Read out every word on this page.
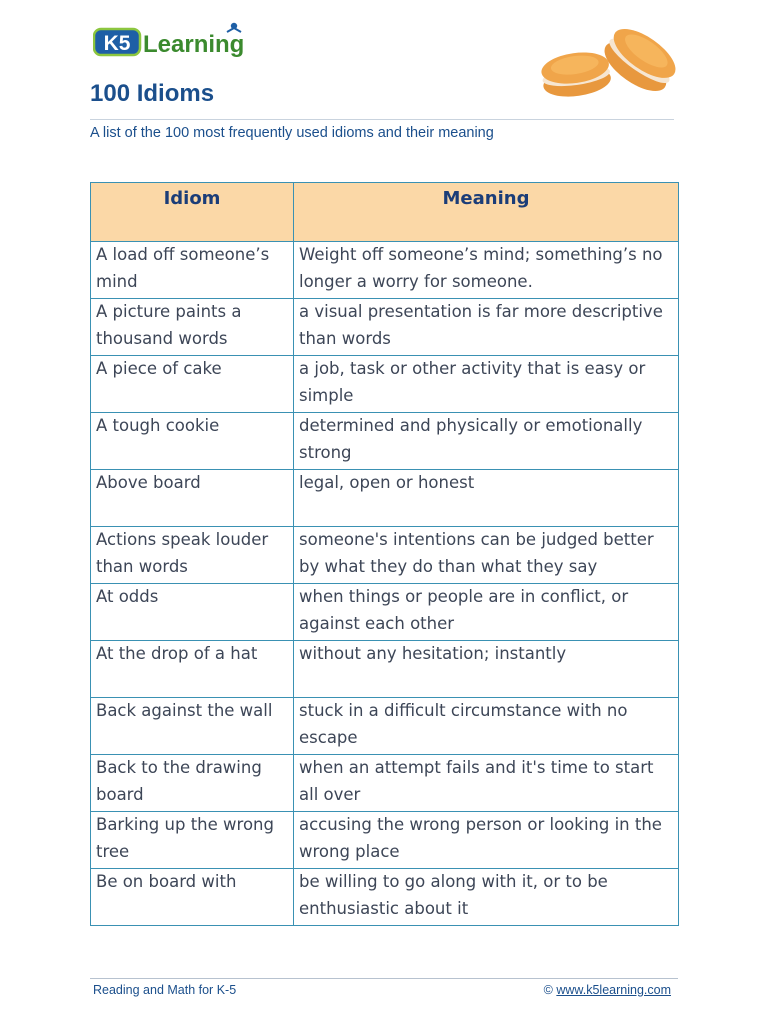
K5 Learning
100 Idioms

A list of the 100 most frequently used idioms and their meaning

Idiom	Meaning
A load off someone’s mind	Weight off someone’s mind; something’s no longer a worry for someone.
A picture paints a thousand words	a visual presentation is far more descriptive than words
A piece of cake	a job, task or other activity that is easy or simple
A tough cookie	determined and physically or emotionally strong
Above board	legal, open or honest
Actions speak louder than words	someone's intentions can be judged better by what they do than what they say
At odds	when things or people are in conflict, or against each other
At the drop of a hat	without any hesitation; instantly
Back against the wall	stuck in a difficult circumstance with no escape
Back to the drawing board	when an attempt fails and it's time to start all over
Barking up the wrong tree	accusing the wrong person or looking in the wrong place
Be on board with	be willing to go along with it, or to be enthusiastic about it
Reading and Math for K-5	© www.k5learning.com
